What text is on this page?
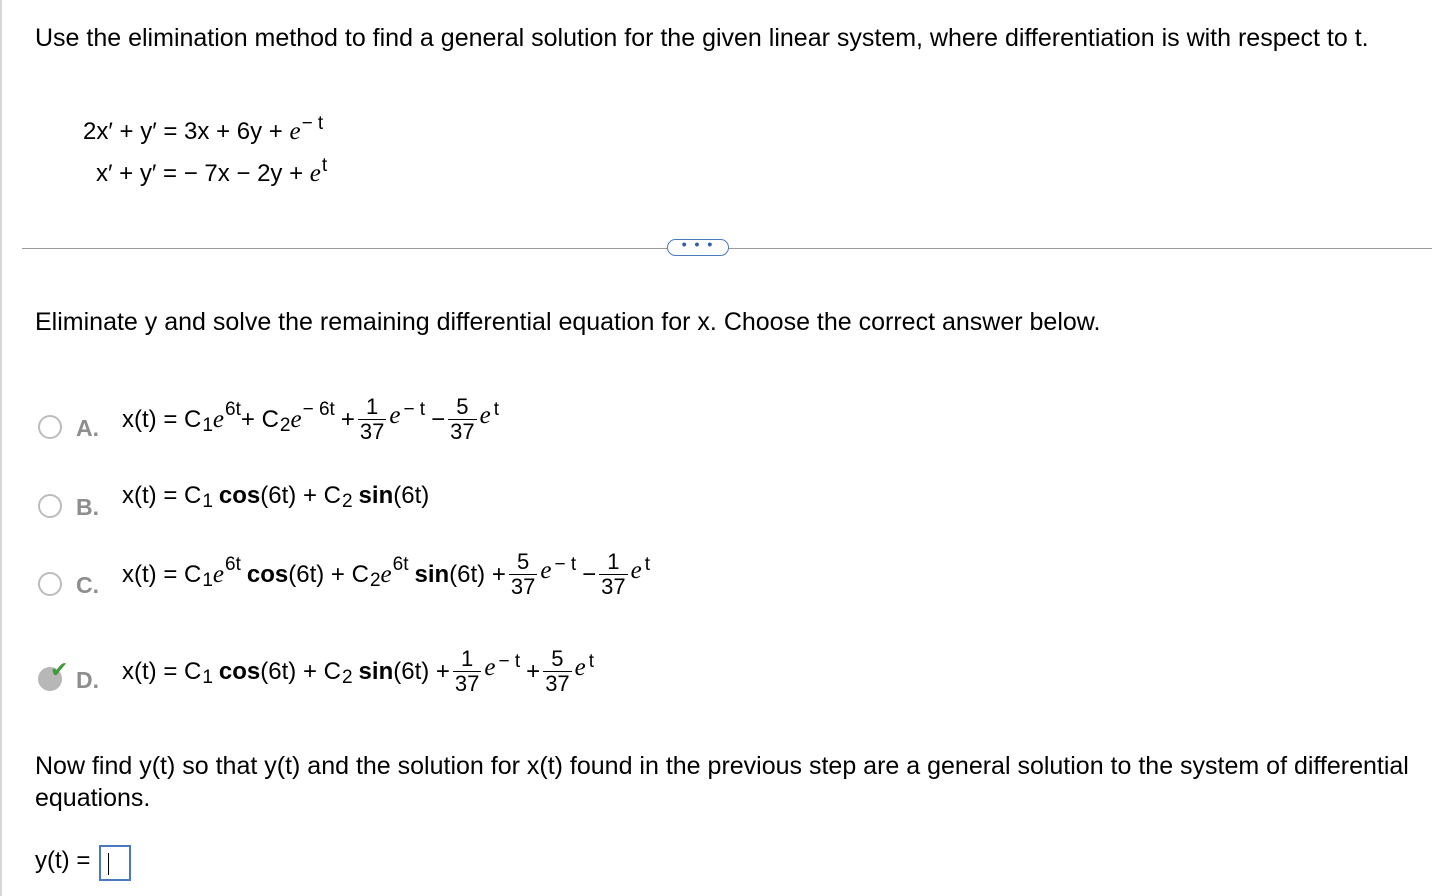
Use the elimination method to find a general solution for the given linear system, where differentiation is with respect to t.

$2x' + y' = 3x + 6y + e^{- t}$
x′ + y′ = − $7x - 2y + e^t$
• • •
Eliminate y and solve the remaining differential equation for x. Choose the correct answer below.
A. $x(t) = C_1$ $e^{6t} + C_2$ $e^{- 6t} + \frac{1}{37} e^{- t} - \frac{5}{37} e^t$
B. $x(t) = C_1$ $\cos (6t) + C_2$ sin (6t)
C. $x(t) = C_1$ $e^{6t}$ $\cos (6t) + C_2$ $e^{6t}$ $\sin (6t) + \frac{5}{37} e^{- t} - \frac{1}{37} e^t$
✔ D. $x(t) = C_1$ $\cos (6t) + C_2$ $\sin (6t) + \frac{1}{37} e^{- t} + \frac{5}{37} e^t$

Now find y(t) so that y(t) and the solution for x(t) found in the previous step are a general solution to the system of differential equations.

y(t) =
